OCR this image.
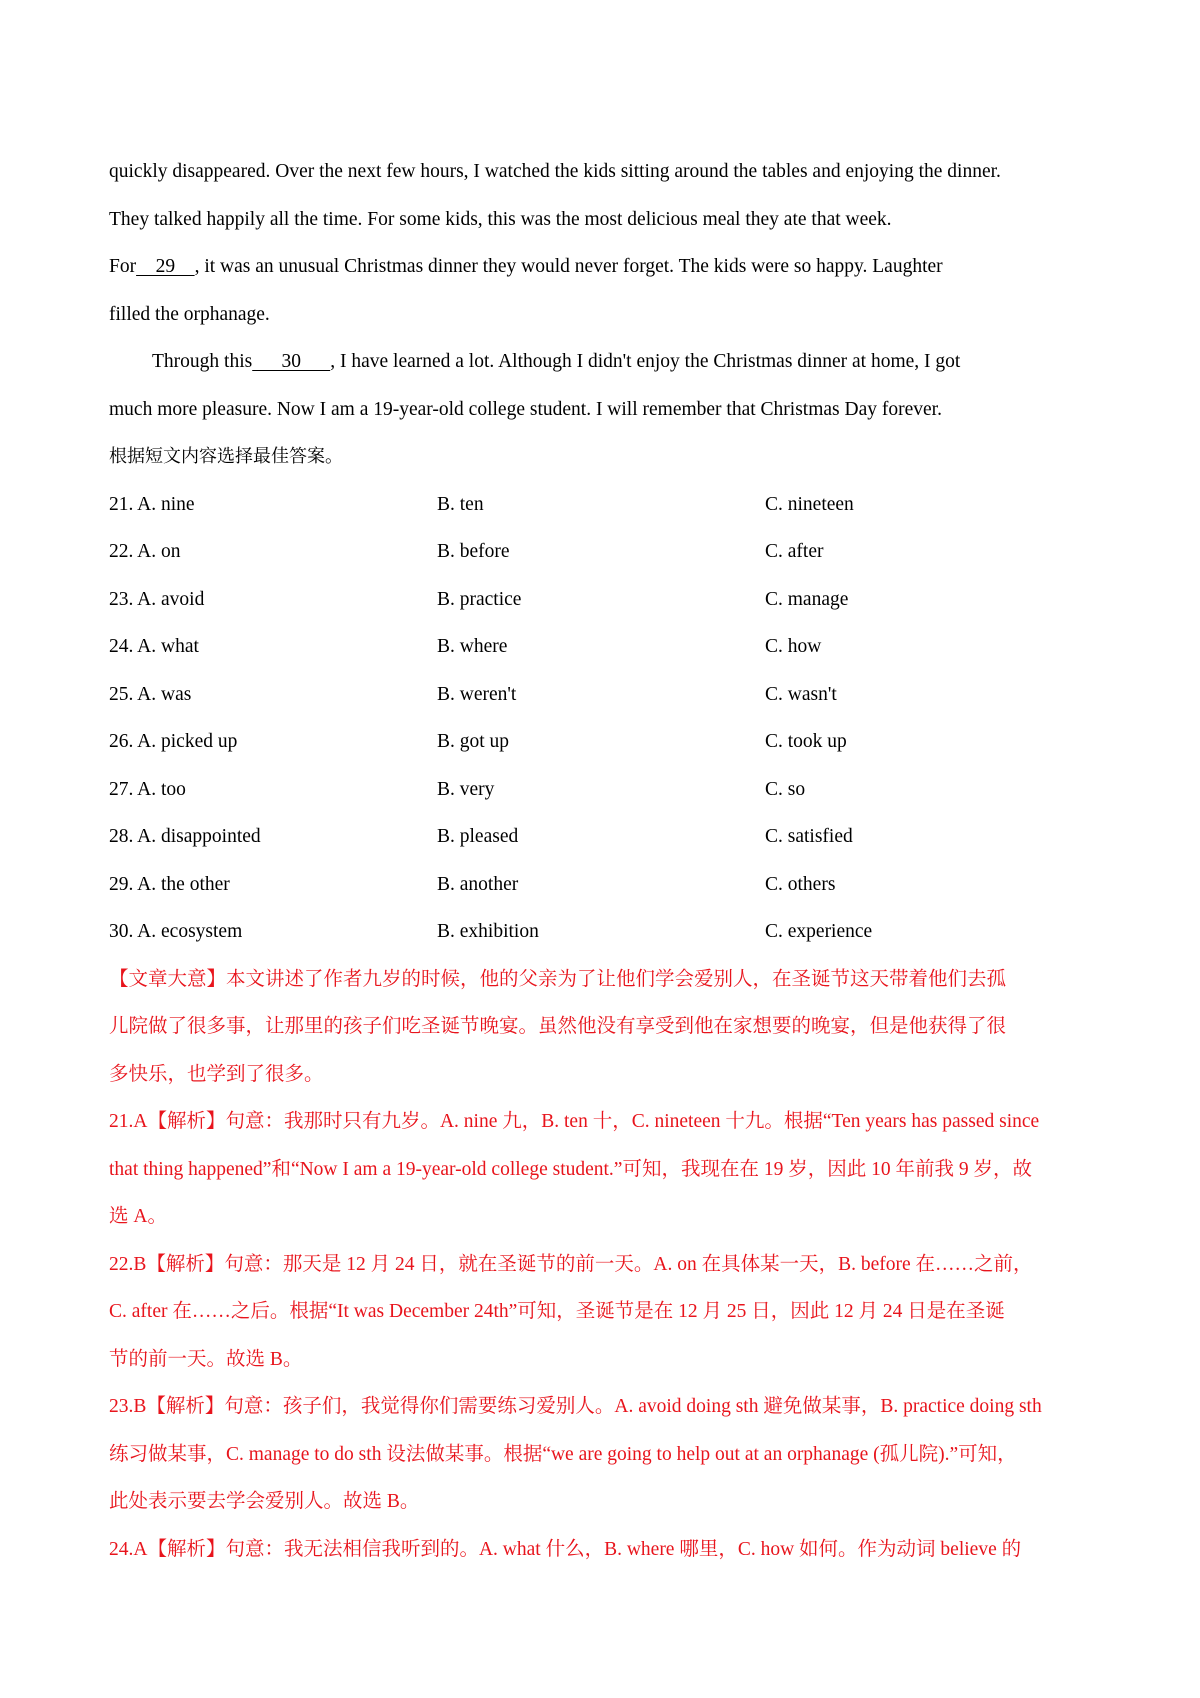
quickly disappeared. Over the next few hours, I watched the kids sitting around the tables and enjoying the dinner.
They talked happily all the time. For some kids, this was the most delicious meal they ate that week.
For    29    , it was an unusual Christmas dinner they would never forget. The kids were so happy. Laughter
filled the orphanage.
Through this      30      , I have learned a lot. Although I didn't enjoy the Christmas dinner at home, I got
much more pleasure. Now I am a 19-year-old college student. I will remember that Christmas Day forever.
根据短文内容选择最佳答案。
21. A. nine	B. ten	C. nineteen
22. A. on	B. before	C. after
23. A. avoid	B. practice	C. manage
24. A. what	B. where	C. how
25. A. was	B. weren't	C. wasn't
26. A. picked up	B. got up	C. took up
27. A. too	B. very	C. so
28. A. disappointed	B. pleased	C. satisfied
29. A. the other	B. another	C. others
30. A. ecosystem	B. exhibition	C. experience
【文章大意】本文讲述了作者九岁的时候，他的父亲为了让他们学会爱别人，在圣诞节这天带着他们去孤
儿院做了很多事，让那里的孩子们吃圣诞节晚宴。虽然他没有享受到他在家想要的晚宴，但是他获得了很
多快乐，也学到了很多。
21.A【解析】句意：我那时只有九岁。A. nine 九，B. ten 十，C. nineteen 十九。根据“Ten years has passed since
that thing happened”和“Now I am a 19-year-old college student.”可知，我现在在 19 岁，因此 10 年前我 9 岁，故
选 A。
22.B【解析】句意：那天是 12 月 24 日，就在圣诞节的前一天。A. on 在具体某一天，B. before 在……之前，
C. after 在……之后。根据“It was December 24th”可知，圣诞节是在 12 月 25 日，因此 12 月 24 日是在圣诞
节的前一天。故选 B。
23.B【解析】句意：孩子们，我觉得你们需要练习爱别人。A. avoid doing sth 避免做某事，B. practice doing sth
练习做某事，C. manage to do sth 设法做某事。根据“we are going to help out at an orphanage (孤儿院).”可知，
此处表示要去学会爱别人。故选 B。
24.A【解析】句意：我无法相信我听到的。A. what 什么，B. where 哪里，C. how 如何。作为动词 believe 的
